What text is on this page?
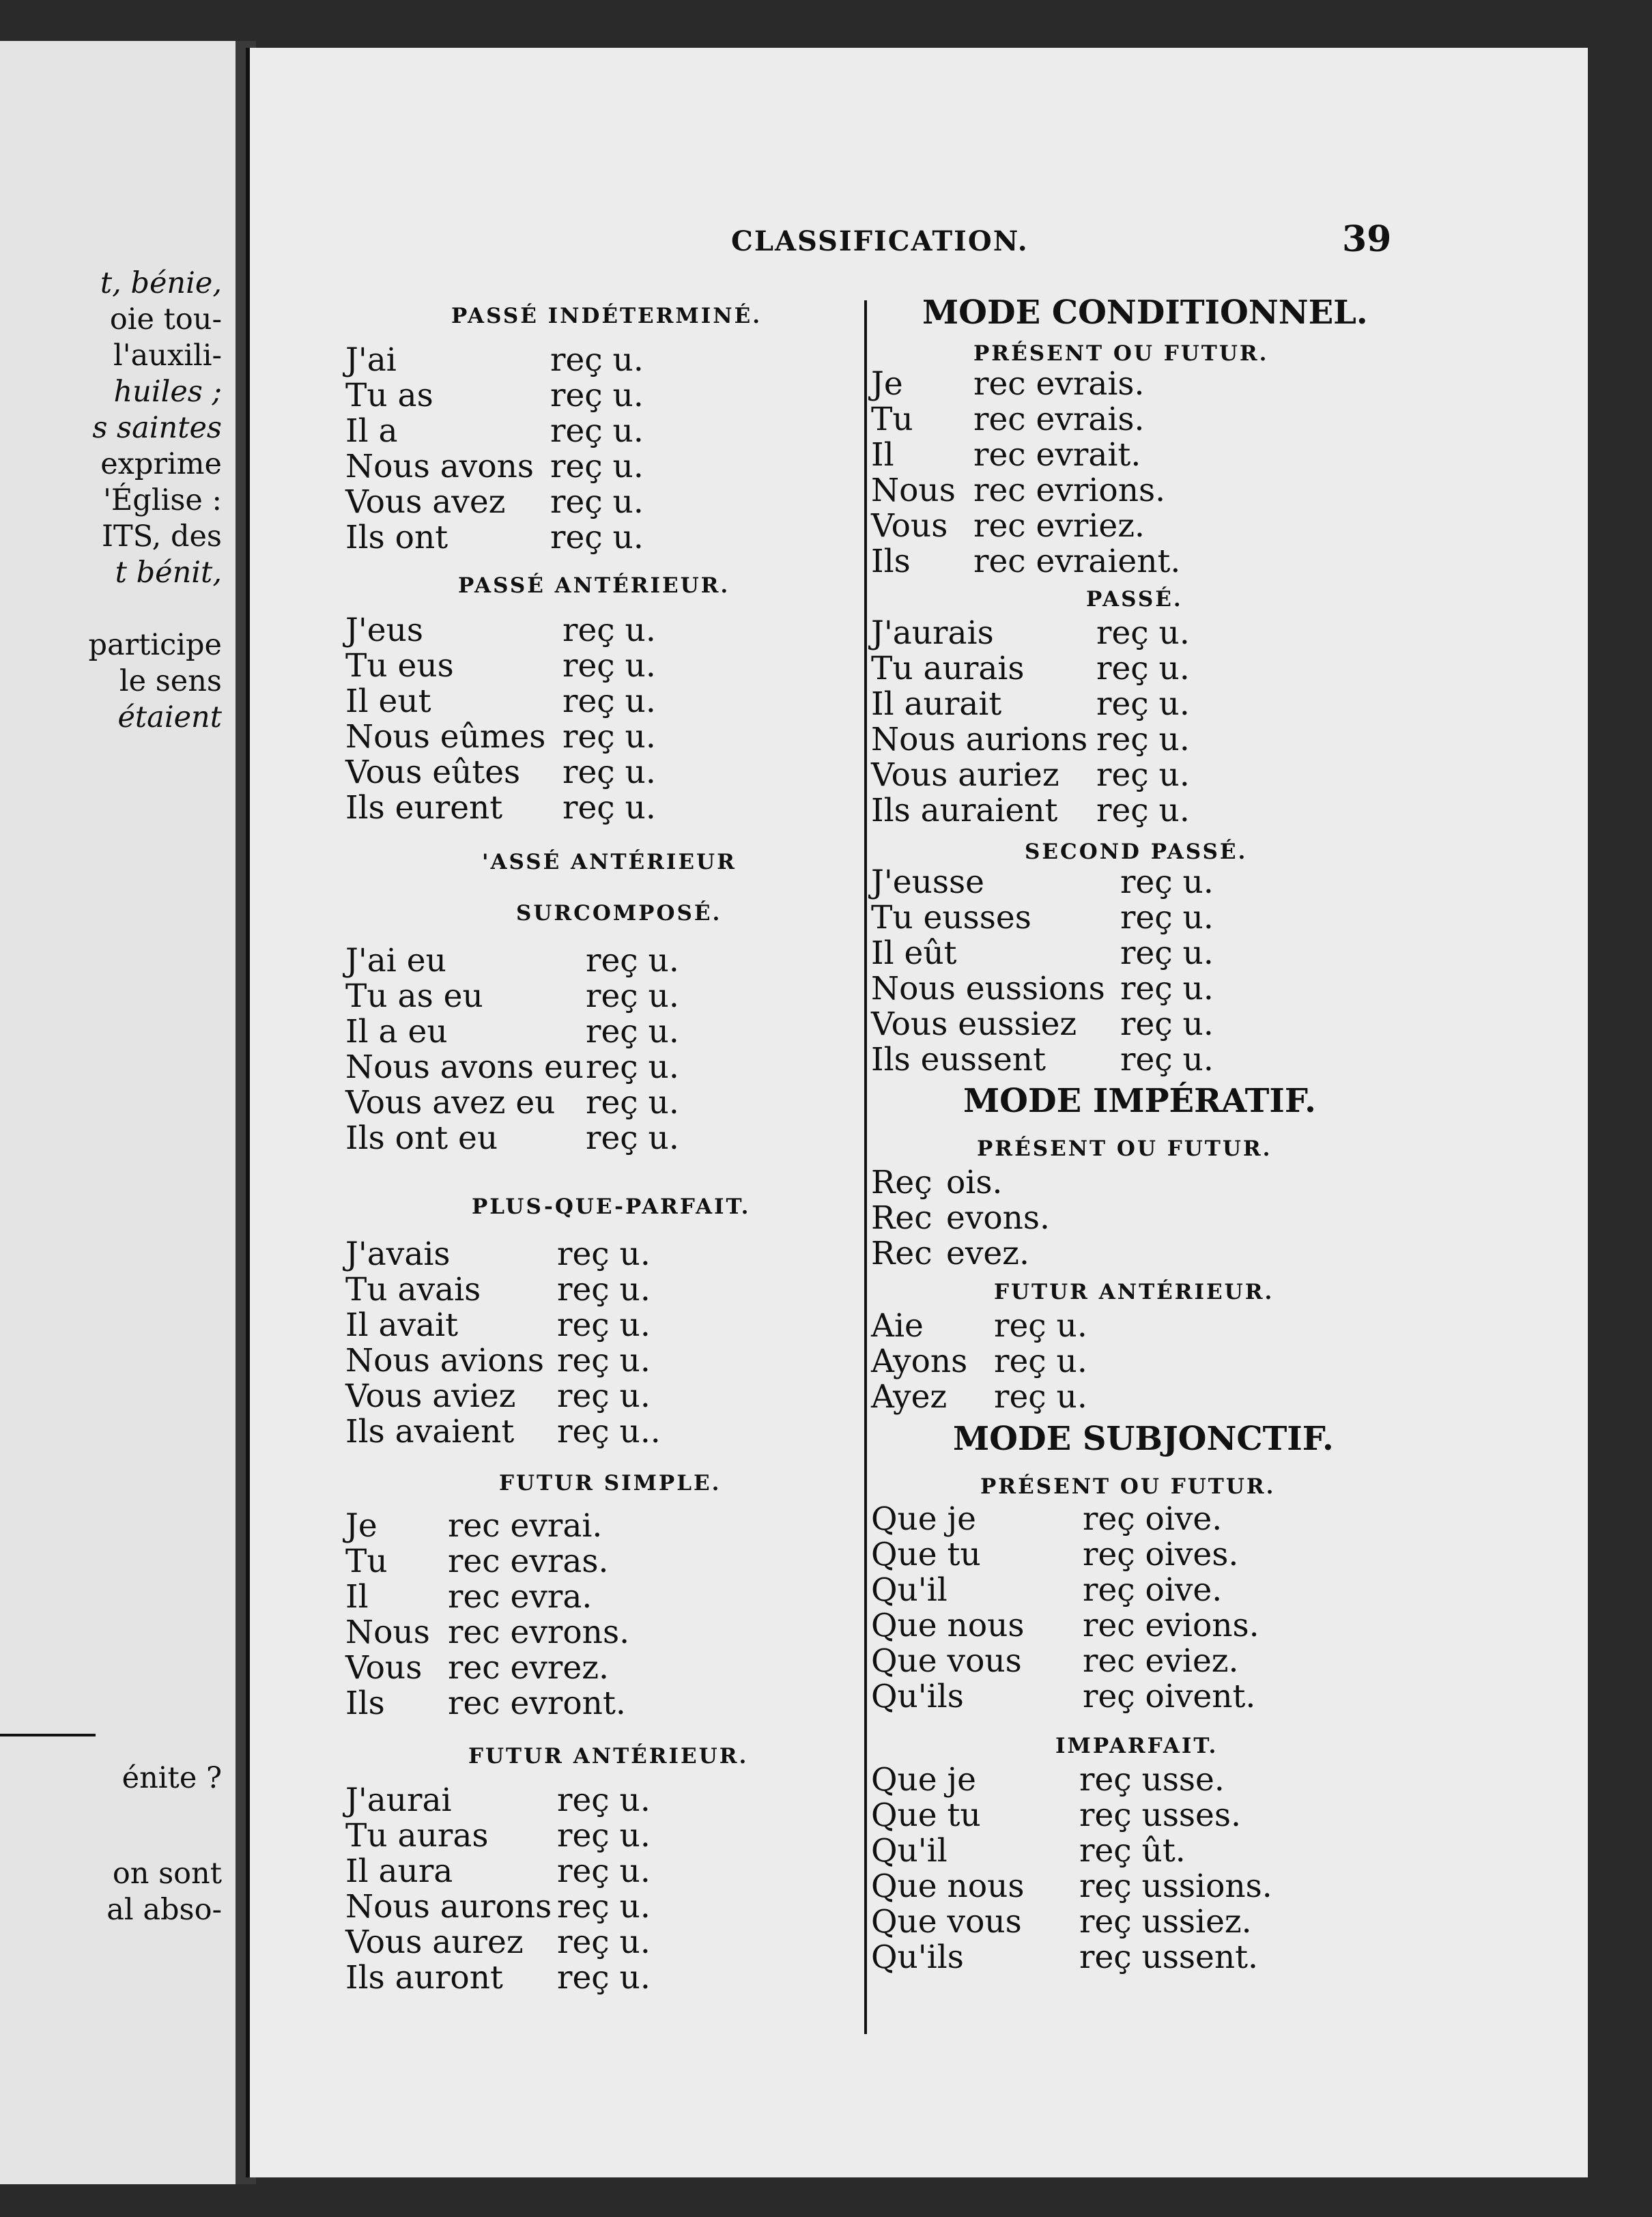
t, bénie,
oie tou-
l'auxili-
huiles ;
s saintes
exprime
'Église :
ITS, des
t bénit,
participe
le sens
étaient
énite ?
on sont
al abso-
CLASSIFICATION.	39
PASSÉ INDÉTERMINÉ.
J'ai	reç u.
Tu as	reç u.
Il a	reç u.
Nous avons reç u.
Vous avez reç u.
Ils ont	reç u.
PASSÉ ANTÉRIEUR.
J'eus	reç u.
Tu eus	reç u.
Il eut	reç u.
Nous eûmes reç u.
Vous eûtes reç u.
Ils eurent reç u.
'ASSÉ ANTÉRIEUR
SURCOMPOSÉ.
J'ai eu	reç u.
Tu as eu	reç u.
Il a eu	reç u.
Nous avons eu reç u.
Vous avez eu reç u.
Ils ont eu	reç u.
PLUS-QUE-PARFAIT.
J'avais	reç u.
Tu avais reç u.
Il avait	reç u.
Nous avions reç u.
Vous aviez reç u.
Ils avaient reç u..
FUTUR SIMPLE.
Je rec evrai.
Tu rec evras.
Il rec evra.
Nous rec evrons.
Vous rec evrez.
Ils rec evront.
FUTUR ANTÉRIEUR.
J'aurai	reç u.
Tu auras reç u.
Il aura	reç u.
Nous aurons reç u.
Vous aurez reç u.
Ils auront reç u.
MODE CONDITIONNEL.
MODE IMPÉRATIF.
MODE SUBJONCTIF.
PRÉSENT OU FUTUR.
Je rec evrais.
Tu rec evrais.
Il rec evrait.
Nous rec evrions.
Vous rec evriez.
Ils rec evraient.
PASSÉ.
J'aurais	reç u.
Tu aurais reç u.
Il aurait	reç u.
Nous aurions reç u.
Vous auriez reç u.
Ils auraient reç u.
SECOND PASSÉ.
J'eusse	reç u.
Tu eusses	reç u.
Il eût	reç u.
Nous eussions reç u.
Vous eussiez reç u.
Ils eussent reç u.
PRÉSENT OU FUTUR.
Reç ois.
Rec evons.
Rec evez.
FUTUR ANTÉRIEUR.
Aie reç u.
Ayons reç u.
Ayez reç u.
PRÉSENT OU FUTUR.
Que je	reç oive.
Que tu	reç oives.
Qu'il	reç oive.
Que nous rec evions.
Que vous rec eviez.
Qu'ils	reç oivent.
IMPARFAIT.
Que je	reç usse.
Que tu	reç usses.
Qu'il	reç ût.
Que nous reç ussions.
Que vous reç ussiez.
Qu'ils	reç ussent.
